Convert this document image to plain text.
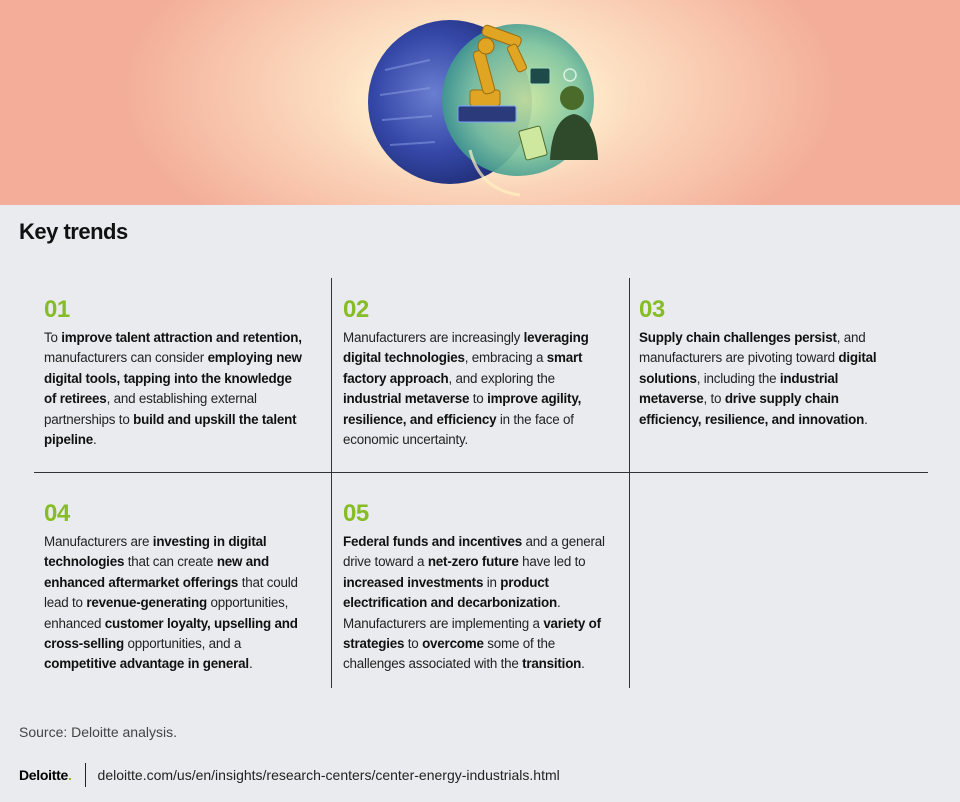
Key trends
01
To improve talent attraction and retention, manufacturers can consider employing new digital tools, tapping into the knowledge of retirees, and establishing external partnerships to build and upskill the talent pipeline.
02
Manufacturers are increasingly leveraging digital technologies, embracing a smart factory approach, and exploring the industrial metaverse to improve agility, resilience, and efficiency in the face of economic uncertainty.
03
Supply chain challenges persist, and manufacturers are pivoting toward digital solutions, including the industrial metaverse, to drive supply chain efficiency, resilience, and innovation.
04
Manufacturers are investing in digital technologies that can create new and enhanced aftermarket offerings that could lead to revenue-generating opportunities, enhanced customer loyalty, upselling and cross-selling opportunities, and a competitive advantage in general.
05
Federal funds and incentives and a general drive toward a net-zero future have led to increased investments in product electrification and decarbonization. Manufacturers are implementing a variety of strategies to overcome some of the challenges associated with the transition.
Source: Deloitte analysis.
Deloitte. deloitte.com/us/en/insights/research-centers/center-energy-industrials.html
